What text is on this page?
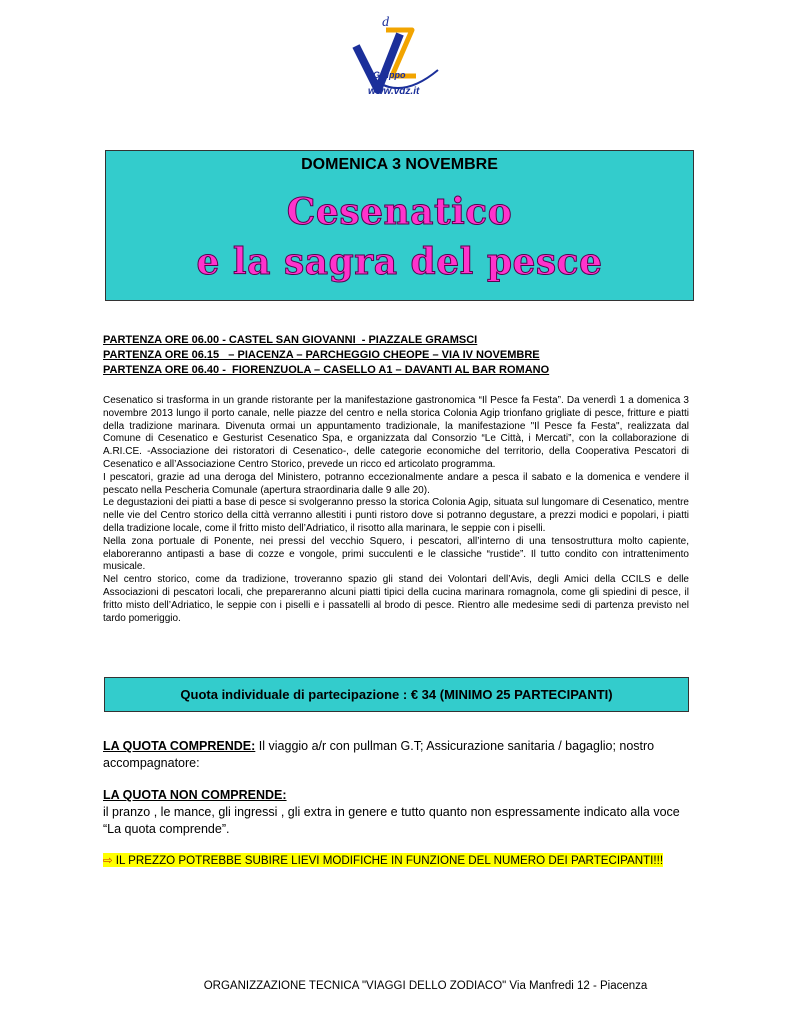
d
Gruppo
www.vdz.it
DOMENICA 3 NOVEMBRE
Cesenatico
e la sagra del pesce
PARTENZA ORE 06.00 - CASTEL SAN GIOVANNI  - PIAZZALE GRAMSCI
PARTENZA ORE 06.15   – PIACENZA – PARCHEGGIO CHEOPE – VIA IV NOVEMBRE
PARTENZA ORE 06.40 -  FIORENZUOLA – CASELLO A1 – DAVANTI AL BAR ROMANO

Cesenatico si trasforma in un grande ristorante per la manifestazione gastronomica “Il Pesce fa Festa”. Da venerdì 1 a domenica 3 novembre 2013 lungo il porto canale, nelle piazze del centro e nella storica Colonia Agip trionfano grigliate di pesce, fritture e piatti della tradizione marinara. Divenuta ormai un appuntamento tradizionale, la manifestazione "Il Pesce fa Festa", realizzata dal Comune di Cesenatico e Gesturist Cesenatico Spa, e organizzata dal Consorzio “Le Città, i Mercati”, con la collaborazione di A.RI.CE. -Associazione dei ristoratori di Cesenatico-, delle categorie economiche del territorio, della Cooperativa Pescatori di Cesenatico e all’Associazione Centro Storico, prevede un ricco ed articolato programma.

I pescatori, grazie ad una deroga del Ministero, potranno eccezionalmente andare a pesca il sabato e la domenica e vendere il pescato nella Pescheria Comunale (apertura straordinaria dalle 9 alle 20).

Le degustazioni dei piatti a base di pesce si svolgeranno presso la storica Colonia Agip, situata sul lungomare di Cesenatico, mentre nelle vie del Centro storico della città verranno allestiti i punti ristoro dove si potranno degustare, a prezzi modici e popolari, i piatti della tradizione locale, come il fritto misto dell’Adriatico, il risotto alla marinara, le seppie con i piselli.

Nella zona portuale di Ponente, nei pressi del vecchio Squero, i pescatori, all’interno di una tensostruttura molto capiente, elaboreranno antipasti a base di cozze e vongole, primi succulenti e le classiche “rustide”. Il tutto condito con intrattenimento musicale.

Nel centro storico, come da tradizione, troveranno spazio gli stand dei Volontari dell’Avis, degli Amici della CCILS e delle Associazioni di pescatori locali, che prepareranno alcuni piatti tipici della cucina marinara romagnola, come gli spiedini di pesce, il fritto misto dell’Adriatico, le seppie con i piselli e i passatelli al brodo di pesce. Rientro alle medesime sedi di partenza previsto nel tardo pomeriggio.

Quota individuale di partecipazione : € 34 (MINIMO 25 PARTECIPANTI)
LA QUOTA COMPRENDE: Il viaggio a/r con pullman G.T; Assicurazione sanitaria / bagaglio; nostro accompagnatore:
LA QUOTA NON COMPRENDE:
il pranzo , le mance, gli ingressi , gli extra in genere e tutto quanto non espressamente indicato alla voce “La quota comprende”.
⇨ IL PREZZO POTREBBE SUBIRE LIEVI MODIFICHE IN FUNZIONE DEL NUMERO DEI PARTECIPANTI!!!
ORGANIZZAZIONE TECNICA "VIAGGI DELLO ZODIACO" Via Manfredi 12 - Piacenza
